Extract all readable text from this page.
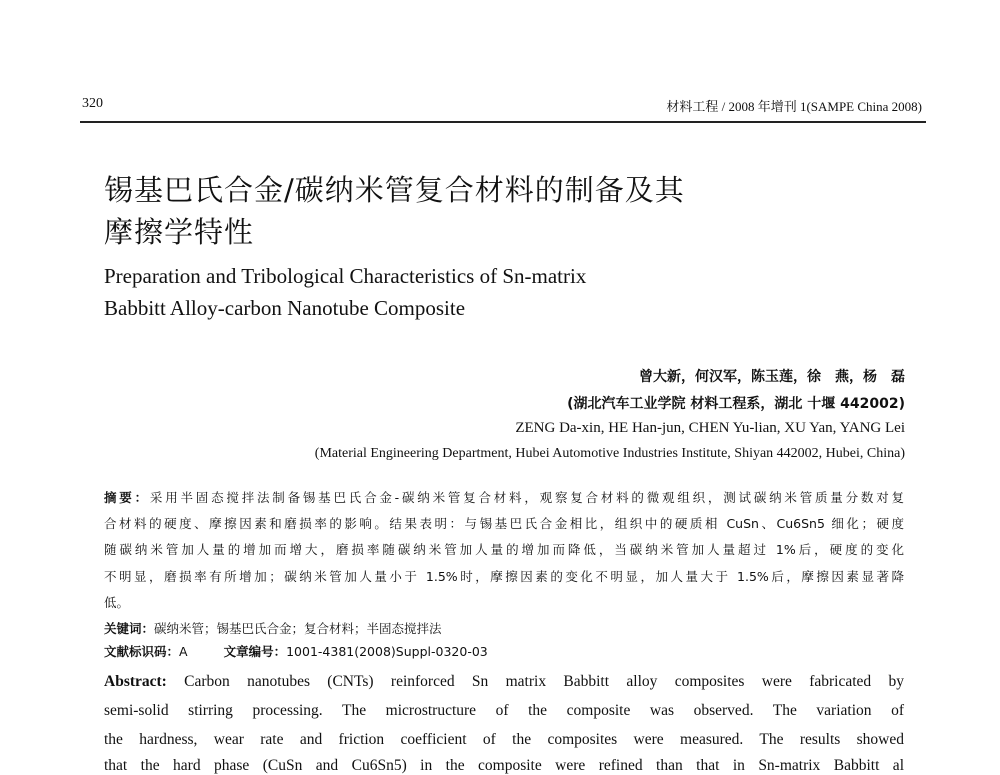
320	材料工程 / 2008 年增刊 1(SAMPE China 2008)
锡基巴氏合金/碳纳米管复合材料的制备及其
摩擦学特性
Preparation and Tribological Characteristics of Sn-matrix
Babbitt Alloy-carbon Nanotube Composite
曾大新，何汉军，陈玉莲，徐　燕，杨　磊
(湖北汽车工业学院 材料工程系，湖北 十堰 442002)
ZENG Da-xin, HE Han-jun, CHEN Yu-lian, XU Yan, YANG Lei
(Material Engineering Department, Hubei Automotive Industries Institute, Shiyan 442002, Hubei, China)
摘要：采用半固态搅拌法制备锡基巴氏合金-碳纳米管复合材料，观察复合材料的微观组织，测试碳纳米管质量分数对复
合材料的硬度、摩擦因素和磨损率的影响。结果表明：与锡基巴氏合金相比，组织中的硬质相 CuSn、Cu6Sn5 细化；硬度
随碳纳米管加人量的增加而增大，磨损率随碳纳米管加人量的增加而降低，当碳纳米管加人量超过 1%后，硬度的变化
不明显，磨损率有所增加；碳纳米管加人量小于 1.5%时，摩擦因素的变化不明显，加人量大于 1.5%后，摩擦因素显著降
低。
关键词：碳纳米管；锡基巴氏合金；复合材料；半固态搅拌法
文献标识码：A	文章编号：1001-4381(2008)Suppl-0320-03
Abstract: Carbon nanotubes (CNTs) reinforced Sn matrix Babbitt alloy composites were fabricated by
semi-solid stirring processing. The microstructure of the composite was observed. The variation of
the hardness, wear rate and friction coefficient of the composites were measured. The results showed
that the hard phase (CuSn and Cu6Sn5) in the composite were refined than that in Sn-matrix Babbitt al
